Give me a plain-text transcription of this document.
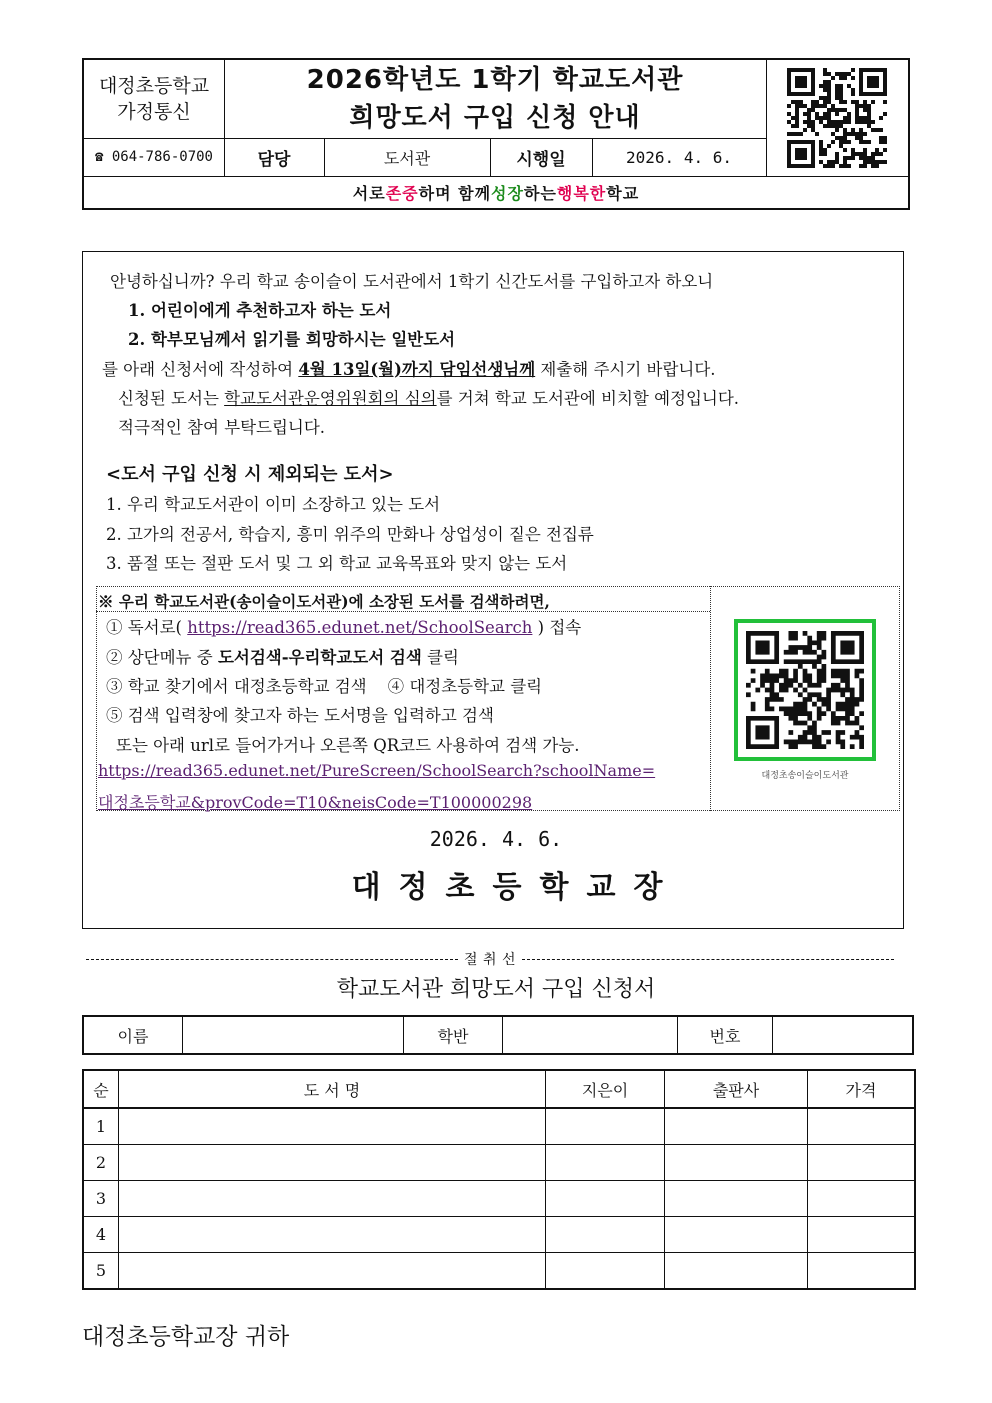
대정초등학교
가정통신
2026학년도 1학기 학교도서관
희망도서 구입 신청 안내
☎ 064-786-0700	담당	도서관	시행일	2026. 4. 6.
서로 존중 하며 함께 성장 하는 행복한 학교
안녕하십니까? 우리 학교 송이슬이 도서관에서 1학기 신간도서를 구입하고자 하오니
1. 어린이에게 추천하고자 하는 도서
2. 학부모님께서 읽기를 희망하시는 일반도서
를 아래 신청서에 작성하여 4월 13일(월)까지 담임선생님께 제출해 주시기 바랍니다.
신청된 도서는 학교도서관운영위원회의 심의를 거쳐 학교 도서관에 비치할 예정입니다.
적극적인 참여 부탁드립니다.
<도서 구입 신청 시 제외되는 도서>
1. 우리 학교도서관이 이미 소장하고 있는 도서
2. 고가의 전공서, 학습지, 흥미 위주의 만화나 상업성이 짙은 전집류
3. 품절 또는 절판 도서 및 그 외 학교 교육목표와 맞지 않는 도서
※ 우리 학교도서관(송이슬이도서관)에 소장된 도서를 검색하려면,
① 독서로( https://read365.edunet.net/SchoolSearch ) 접속
② 상단메뉴 중 도서검색-우리학교도서 검색 클릭
③ 학교 찾기에서 대정초등학교 검색    ④ 대정초등학교 클릭
⑤ 검색 입력창에 찾고자 하는 도서명을 입력하고 검색
또는 아래 url로 들어가거나 오른쪽 QR코드 사용하여 검색 가능.
https://read365.edunet.net/PureScreen/SchoolSearch?schoolName=
대정초등학교&provCode=T10&neisCode=T100000298
대정초송이슬이도서관
2026. 4. 6.
대정초등학교장
절 취 선
학교도서관 희망도서 구입 신청서
이름		학반		번호	
순	도 서 명	지은이	출판사	가격
1				
2				
3				
4				
5				
대정초등학교장 귀하
